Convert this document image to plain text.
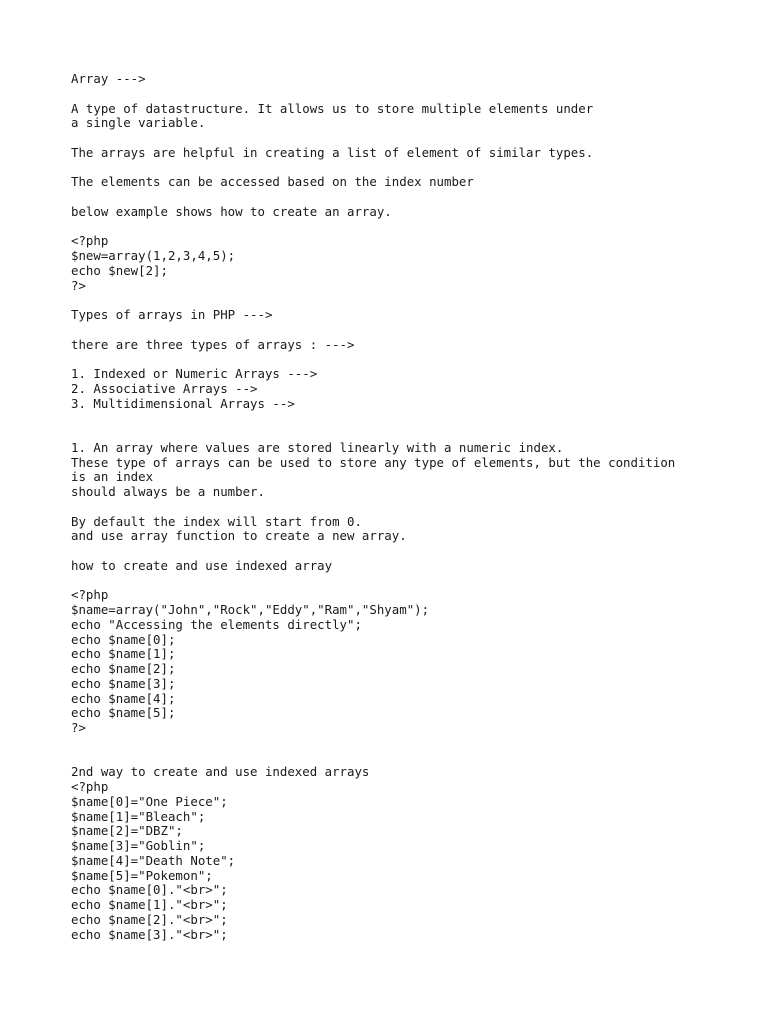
Array --->
A type of datastructure. It allows us to store multiple elements under
a single variable.
The arrays are helpful in creating a list of element of similar types.
The elements can be accessed based on the index number
below example shows how to create an array.
<?php
$new=array(1,2,3,4,5);
echo $new[2];
?>
Types of arrays in PHP --->
there are three types of arrays : --->
1. Indexed or Numeric Arrays --->
2. Associative Arrays -->
3. Multidimensional Arrays -->
1. An array where values are stored linearly with a numeric index.
These type of arrays can be used to store any type of elements, but the condition
is an index
should always be a number.
By default the index will start from 0.
and use array function to create a new array.
how to create and use indexed array
<?php
$name=array("John","Rock","Eddy","Ram","Shyam");
echo "Accessing the elements directly";
echo $name[0];
echo $name[1];
echo $name[2];
echo $name[3];
echo $name[4];
echo $name[5];
?>
2nd way to create and use indexed arrays
<?php
$name[0]="One Piece";
$name[1]="Bleach";
$name[2]="DBZ";
$name[3]="Goblin";
$name[4]="Death Note";
$name[5]="Pokemon";
echo $name[0]."<br>";
echo $name[1]."<br>";
echo $name[2]."<br>";
echo $name[3]."<br>";
